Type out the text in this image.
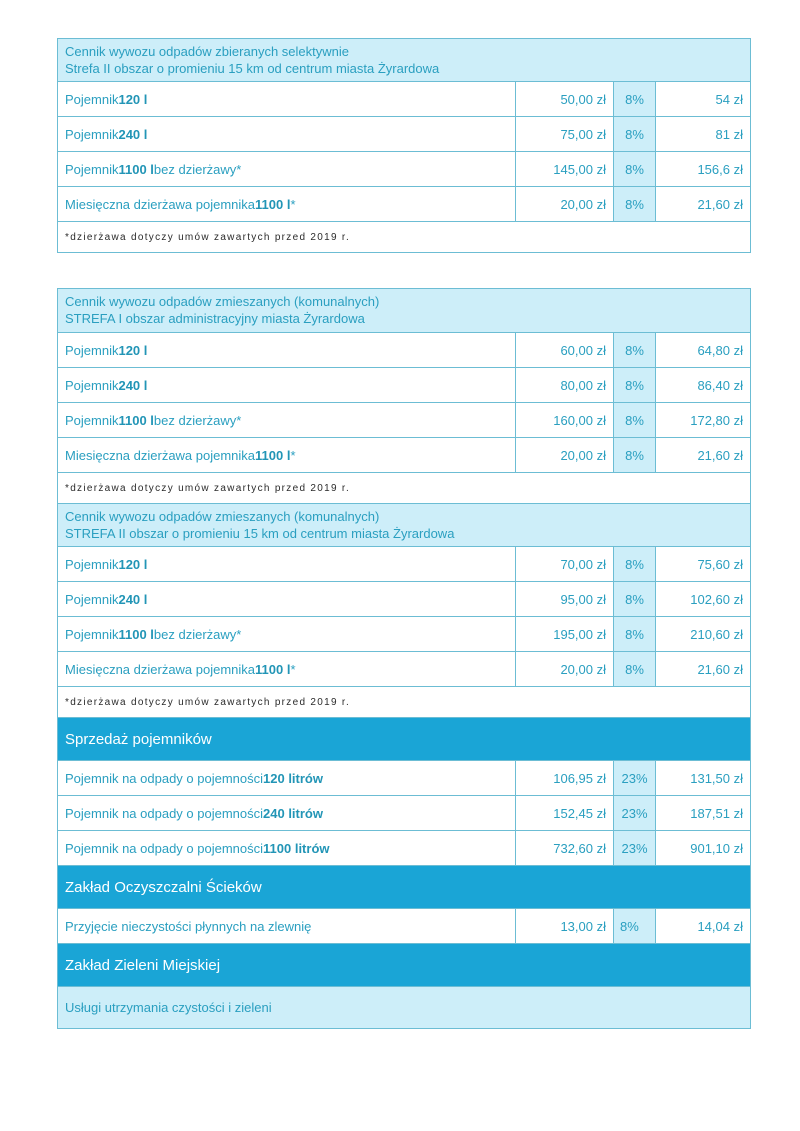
Cennik wywozu odpadów zbieranych selektywnie
Strefa II obszar o promieniu 15 km od centrum miasta Żyrardowa
Pojemnik 120 l	50,00 zł	8%	54 zł
Pojemnik 240 l	75,00 zł	8%	81 zł
Pojemnik 1100 l bez dzierżawy*	145,00 zł	8%	156,6 zł
Miesięczna dzierżawa pojemnika 1100 l *	20,00 zł	8%	21,60 zł
*dzierżawa dotyczy umów zawartych przed 2019 r.
Cennik wywozu odpadów zmieszanych (komunalnych)
STREFA I obszar administracyjny miasta Żyrardowa
Pojemnik 120 l	60,00 zł	8%	64,80 zł
Pojemnik 240 l	80,00 zł	8%	86,40 zł
Pojemnik 1100 l bez dzierżawy*	160,00 zł	8%	172,80 zł
Miesięczna dzierżawa pojemnika 1100 l *	20,00 zł	8%	21,60 zł
*dzierżawa dotyczy umów zawartych przed 2019 r.
Cennik wywozu odpadów zmieszanych (komunalnych)
STREFA II obszar o promieniu 15 km od centrum miasta Żyrardowa
Pojemnik 120 l	70,00 zł	8%	75,60 zł
Pojemnik 240 l	95,00 zł	8%	102,60 zł
Pojemnik 1100 l bez dzierżawy*	195,00 zł	8%	210,60 zł
Miesięczna dzierżawa pojemnika 1100 l *	20,00 zł	8%	21,60 zł
*dzierżawa dotyczy umów zawartych przed 2019 r.
Sprzedaż pojemników
Pojemnik na odpady o pojemności 120 litrów	106,95 zł	23%	131,50 zł
Pojemnik na odpady o pojemności 240 litrów	152,45 zł	23%	187,51 zł
Pojemnik na odpady o pojemności 1100 litrów	732,60 zł	23%	901,10 zł
Zakład Oczyszczalni Ścieków
Przyjęcie nieczystości płynnych na zlewnię	13,00 zł	8%	14,04 zł
Zakład Zieleni Miejskiej
Usługi utrzymania czystości i zieleni
